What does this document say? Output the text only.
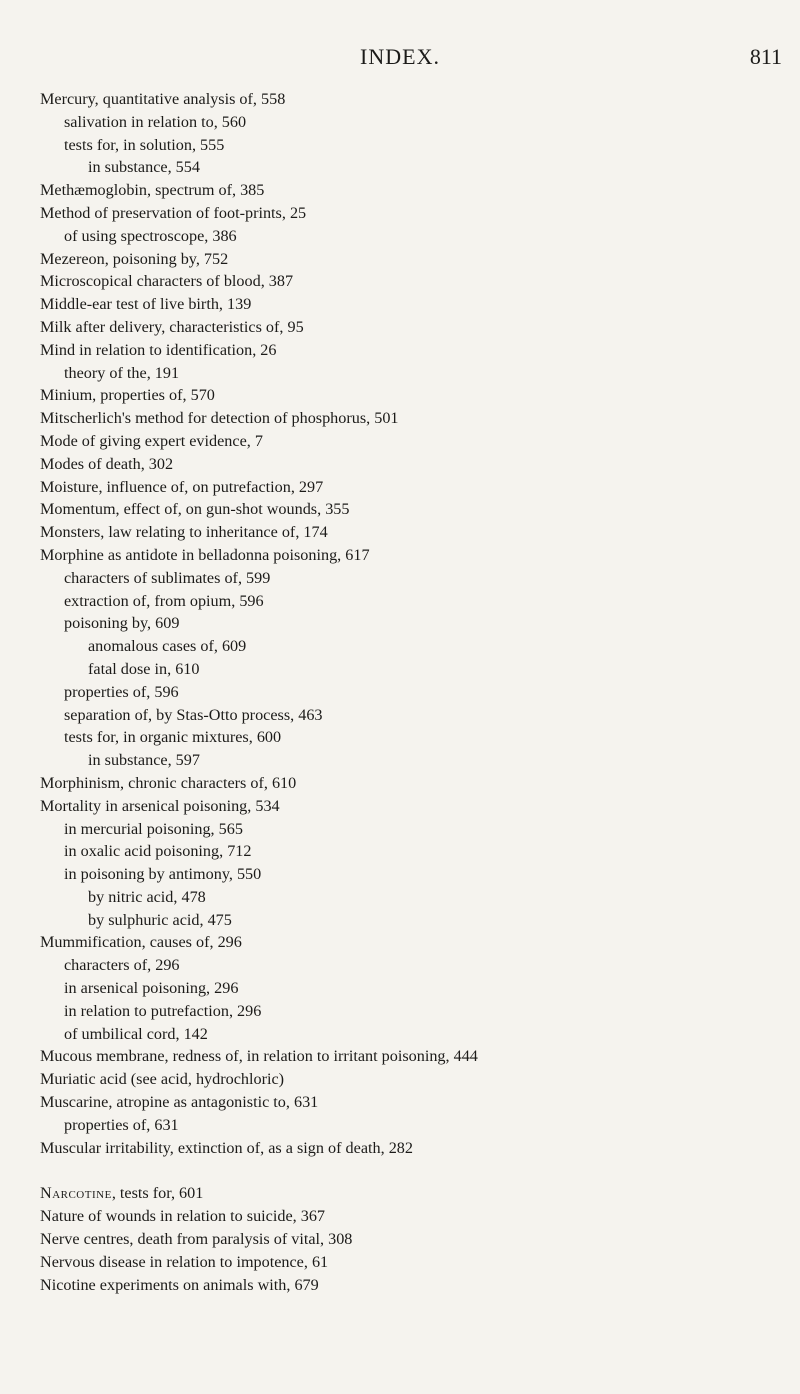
INDEX.	811
Mercury, quantitative analysis of, 558
salivation in relation to, 560
tests for, in solution, 555
in substance, 554
Methæmoglobin, spectrum of, 385
Method of preservation of foot-prints, 25
of using spectroscope, 386
Mezereon, poisoning by, 752
Microscopical characters of blood, 387
Middle-ear test of live birth, 139
Milk after delivery, characteristics of, 95
Mind in relation to identification, 26
theory of the, 191
Minium, properties of, 570
Mitscherlich's method for detection of phosphorus, 501
Mode of giving expert evidence, 7
Modes of death, 302
Moisture, influence of, on putrefaction, 297
Momentum, effect of, on gun-shot wounds, 355
Monsters, law relating to inheritance of, 174
Morphine as antidote in belladonna poisoning, 617
characters of sublimates of, 599
extraction of, from opium, 596
poisoning by, 609
anomalous cases of, 609
fatal dose in, 610
properties of, 596
separation of, by Stas-Otto process, 463
tests for, in organic mixtures, 600
in substance, 597
Morphinism, chronic characters of, 610
Mortality in arsenical poisoning, 534
in mercurial poisoning, 565
in oxalic acid poisoning, 712
in poisoning by antimony, 550
by nitric acid, 478
by sulphuric acid, 475
Mummification, causes of, 296
characters of, 296
in arsenical poisoning, 296
in relation to putrefaction, 296
of umbilical cord, 142
Mucous membrane, redness of, in relation to irritant poisoning, 444
Muriatic acid (see acid, hydrochloric)
Muscarine, atropine as antagonistic to, 631
properties of, 631
Muscular irritability, extinction of, as a sign of death, 282
Narcotine, tests for, 601
Nature of wounds in relation to suicide, 367
Nerve centres, death from paralysis of vital, 308
Nervous disease in relation to impotence, 61
Nicotine experiments on animals with, 679
